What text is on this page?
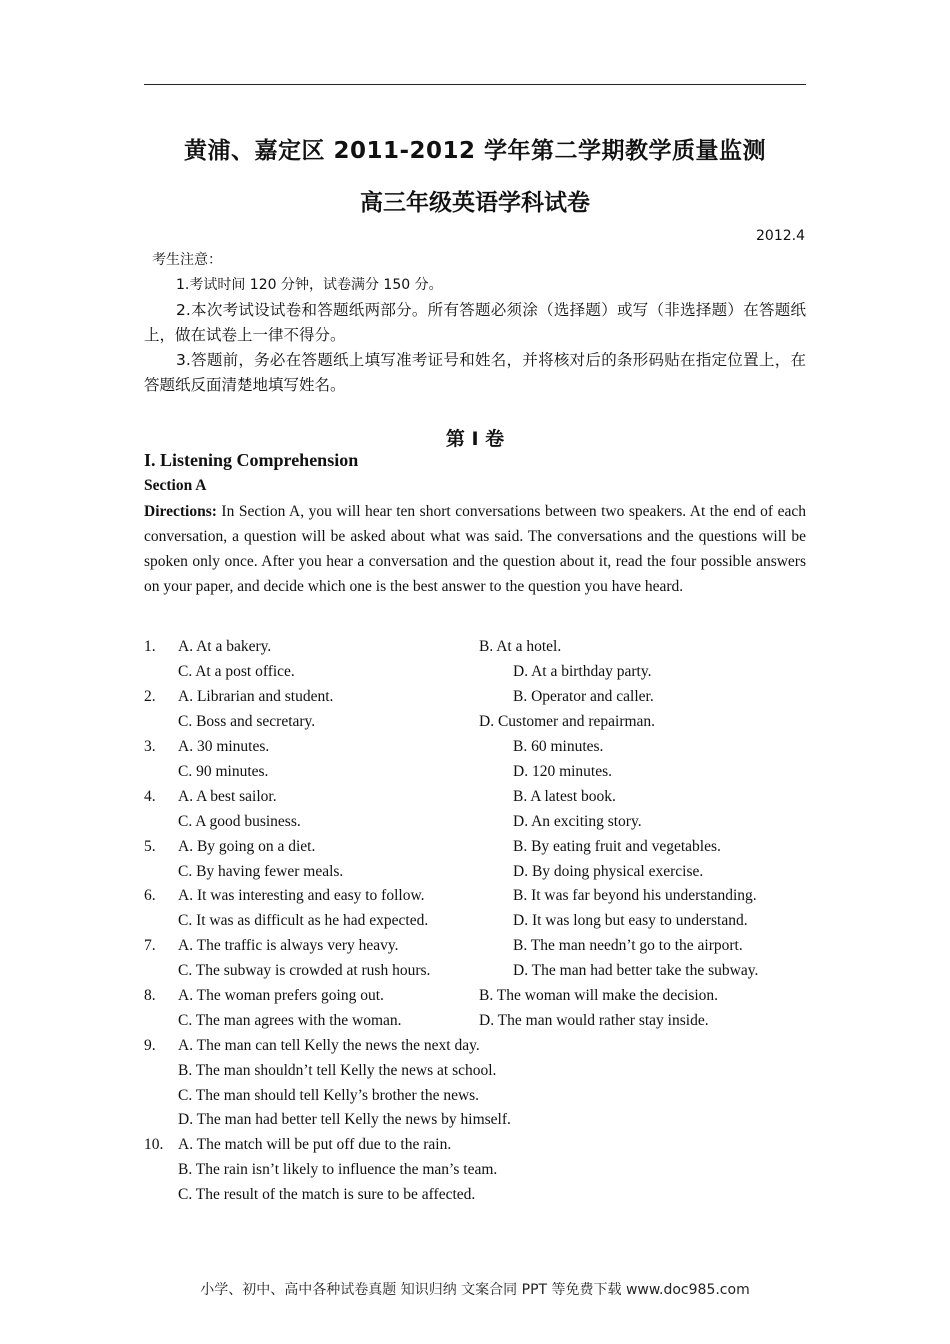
黄浦、嘉定区 2011-2012 学年第二学期教学质量监测
高三年级英语学科试卷
2012.4
考生注意：
1.考试时间 120 分钟，试卷满分 150 分。
2.本次考试设试卷和答题纸两部分。所有答题必须涂（选择题）或写（非选择题）在答题纸上，做在试卷上一律不得分。
3.答题前，务必在答题纸上填写准考证号和姓名，并将核对后的条形码贴在指定位置上，在答题纸反面清楚地填写姓名。
第 I 卷
I. Listening Comprehension
Section A
Directions: In Section A, you will hear ten short conversations between two speakers. At the end of each conversation, a question will be asked about what was said. The conversations and the questions will be spoken only once. After you hear a conversation and the question about it, read the four possible answers on your paper, and decide which one is the best answer to the question you have heard.
1. A. At a bakery.	B. At a hotel.
C. At a post office.	D. At a birthday party.
2. A. Librarian and student.	B. Operator and caller.
C. Boss and secretary.	D. Customer and repairman.
3. A. 30 minutes.	B. 60 minutes.
C. 90 minutes.	D. 120 minutes.
4. A. A best sailor.	B. A latest book.
C. A good business.	D. An exciting story.
5. A. By going on a diet.	B. By eating fruit and vegetables.
C. By having fewer meals.	D. By doing physical exercise.
6. A. It was interesting and easy to follow.	B. It was far beyond his understanding.
C. It was as difficult as he had expected.	D. It was long but easy to understand.
7. A. The traffic is always very heavy.	B. The man needn’t go to the airport.
C. The subway is crowded at rush hours.	D. The man had better take the subway.
8. A. The woman prefers going out.	B. The woman will make the decision.
C. The man agrees with the woman.	D. The man would rather stay inside.
9. A. The man can tell Kelly the news the next day.
B. The man shouldn’t tell Kelly the news at school.
C. The man should tell Kelly’s brother the news.
D. The man had better tell Kelly the news by himself.
10. A. The match will be put off due to the rain.
B. The rain isn’t likely to influence the man’s team.
C. The result of the match is sure to be affected.
小学、初中、高中各种试卷真题 知识归纳 文案合同 PPT 等免费下载 www.doc985.com
